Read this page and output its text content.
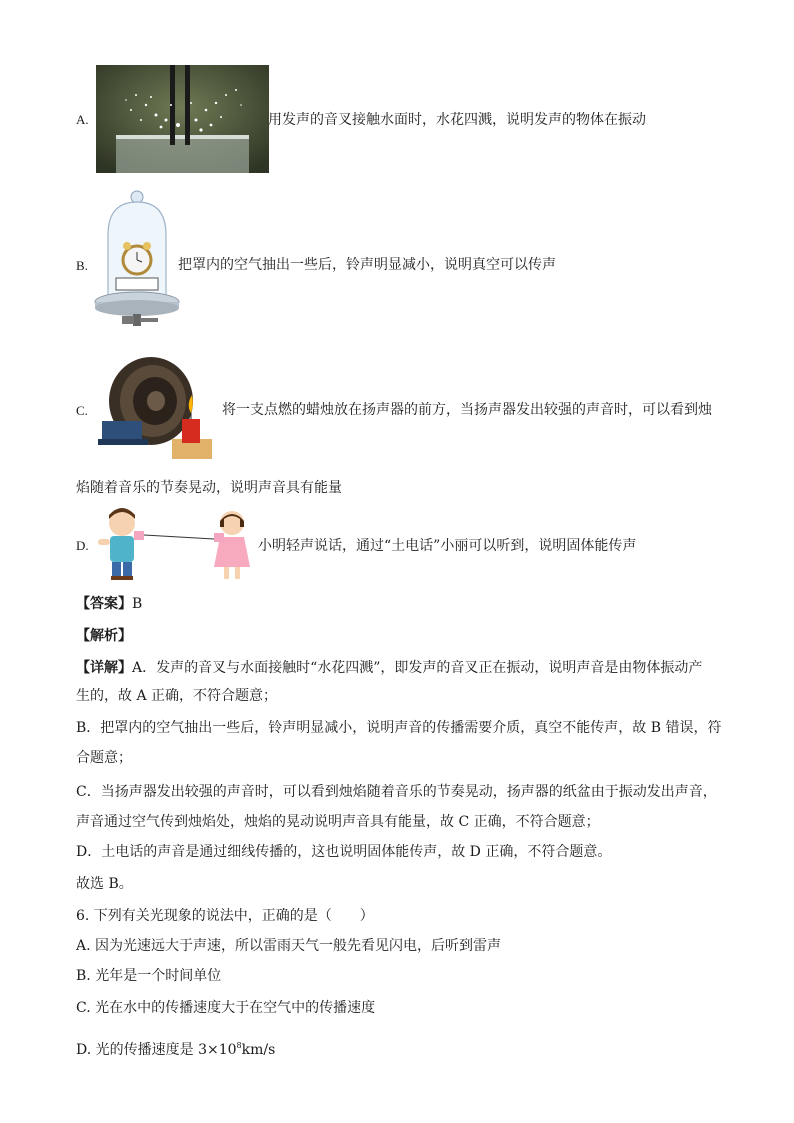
A.	用发声的音叉接触水面时，水花四溅，说明发声的物体在振动
B.	把罩内的空气抽出一些后，铃声明显减小，说明真空可以传声
C.	将一支点燃的蜡烛放在扬声器的前方，当扬声器发出较强的声音时，可以看到烛
焰随着音乐的节奏晃动，说明声音具有能量
D.	小明轻声说话，通过“土电话”小丽可以听到，说明固体能传声
【答案】B
【解析】
【详解】A．发声的音叉与水面接触时“水花四溅”，即发声的音叉正在振动，说明声音是由物体振动产
生的，故 A 正确，不符合题意；
B．把罩内的空气抽出一些后，铃声明显减小，说明声音的传播需要介质，真空不能传声，故 B 错误，符
合题意；
C．当扬声器发出较强的声音时，可以看到烛焰随着音乐的节奏晃动，扬声器的纸盆由于振动发出声音，
声音通过空气传到烛焰处，烛焰的晃动说明声音具有能量，故 C 正确，不符合题意；
D．土电话的声音是通过细线传播的，这也说明固体能传声，故 D 正确，不符合题意。
故选 B。
6. 下列有关光现象的说法中，正确的是（　　）
A. 因为光速远大于声速，所以雷雨天气一般先看见闪电，后听到雷声
B. 光年是一个时间单位
C. 光在水中的传播速度大于在空气中的传播速度
D. 光的传播速度是 $3\times 10^8km/s$
